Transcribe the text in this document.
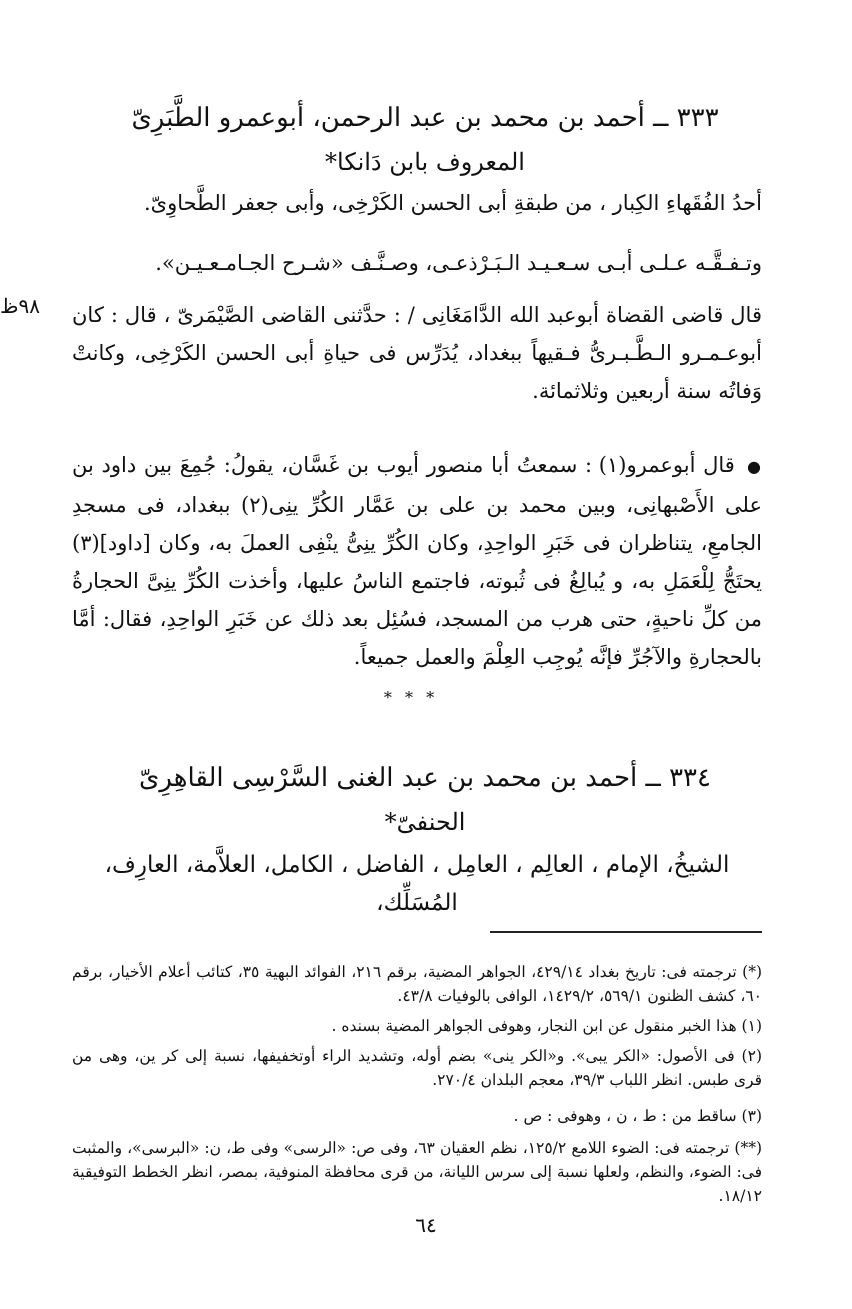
٣٣٣ ــ أحمد بن محمد بن عبد الرحمن، أبوعمرو الطَّبَرِىّ
المعروف بابن دَانكا*

أحدُ الفُقَهاءِ الكِبار ، من طبقةِ أبى الحسن الكَرْخِى، وأبى جعفر الطَّحاوِىّ.

وتـفـقَّـه عـلـى أبـى سـعـيـد الـبَـرْذعـى، وصـنَّـف «شـرح الجـامـعـيـن».

٩٨ظ قال قاضى القضاة أبوعبد الله الدَّامَغَانِى / : حدَّثنى القاضى الصَّيْمَرىّ ، قال : كان أبوعـمـرو الـطَّـبـرىُّ فـقيهاً ببغداد، يُدَرِّس فى حياةِ أبى الحسن الكَرْخِى، وكانتْ وَفاتُه سنة أربعين وثلاثمائة.

●  قال أبوعمرو(١) : سمعتُ أبا منصور أيوب بن غَسَّان، يقولُ: جُمِعَ بين داود بن على الأَصْبهانِى، وبين محمد بن على بن عَمَّار الكُرِّ ينِى(٢) ببغداد، فى مسجدِ الجامعِ، يتناظران فى خَبَرِ الواحِدِ، وكان الكُرِّ ينِىُّ ينْفِى العملَ به، وكان [داود](٣) يحتَجُّ لِلْعَمَلِ به، و يُبالِغُ فى ثُبوته، فاجتمع الناسُ عليها، وأخذت الكُرِّ ينِىَّ الحجارةُ من كلِّ ناحيةٍ، حتى هرب من المسجد، فسُئِل بعد ذلك عن خَبَرِ الواحِدِ، فقال: أمَّا بالحجارةِ والآجُرِّ فإنَّه يُوجِب العِلْمَ والعمل جميعاً.

* * *
٣٣٤ ــ أحمد بن محمد بن عبد الغنى السَّرْسِى القاهِرِىّ
الحنفىّ*

الشيخُ، الإمام ، العالِم ، العامِل ، الفاضل ، الكامل، العلاَّمة، العارِف، المُسَلِّك،

(*) ترجمته فى: تاريخ بغداد ٤٢٩/١٤، الجواهر المضية، برقم ٢١٦، الفوائد البهية ٣٥، كتائب أعلام الأخيار، برقم ٦٠، كشف الظنون ٥٦٩/١، ١٤٢٩/٢، الوافى بالوفيات ٤٣/٨.

(١) هذا الخبر منقول عن ابن النجار، وهوفى الجواهر المضية بسنده .

(٢) فى الأصول: «الكر يبى». و«الكر ينى» بضم أوله، وتشديد الراء أوتخفيفها، نسبة إلى كر ين، وهى من قرى طبس. انظر اللباب ٣٩/٣، معجم البلدان ٢٧٠/٤.

(٣) ساقط من : ط ، ن ، وهوفى : ص .

(**) ترجمته فى: الضوء اللامع ١٢٥/٢، نظم العقيان ٦٣، وفى ص: «الرسى» وفى ط، ن: «البرسى»، والمثبت فى: الضوء، والنظم، ولعلها نسبة إلى سرس الليانة، من قرى محافظة المنوفية، بمصر، انظر الخطط التوفيقية ١٨/١٢.

٦٤
